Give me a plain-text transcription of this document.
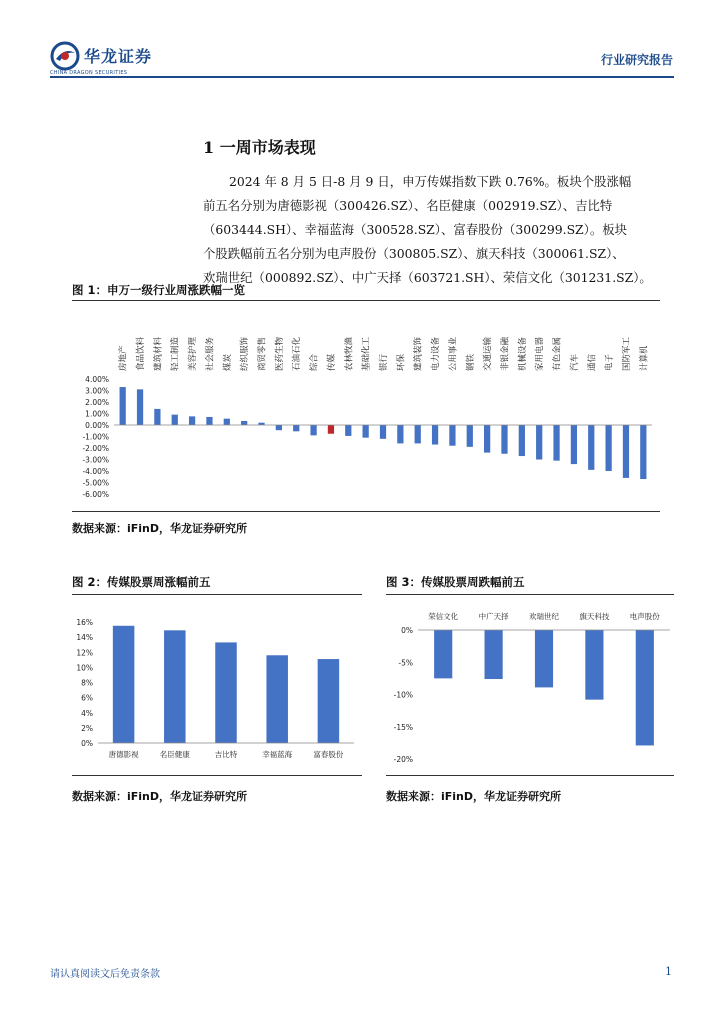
华龙证券
CHINA DRAGON SECURITIES
行业研究报告
1 一周市场表现
2024 年 8 月 5 日-8 月 9 日，申万传媒指数下跌 0.76%。板块个股涨幅
前五名分别为唐德影视（300426.SZ）、名臣健康（002919.SZ）、吉比特
（603444.SH）、幸福蓝海（300528.SZ）、富春股份（300299.SZ）。板块
个股跌幅前五名分别为电声股份（300805.SZ）、旗天科技（300061.SZ）、
欢瑞世纪（000892.SZ）、中广天择（603721.SH）、荣信文化（301231.SZ）。
图 1：申万一级行业周涨跌幅一览
4.00%
3.00%
2.00%
1.00%
0.00%
-1.00%
-2.00%
-3.00%
-4.00%
-5.00%
-6.00%
房地产 食品饮料 建筑材料 轻工制造 美容护理 社会服务 煤炭 纺织服饰 商贸零售 医药生物 石油石化 综合 传媒 农林牧渔 基础化工 银行 环保 建筑装饰 电力设备 公用事业 钢铁 交通运输 非银金融 机械设备 家用电器 有色金属 汽车 通信 电子 国防军工 计算机
数据来源：iFinD，华龙证券研究所
图 2：传媒股票周涨幅前五
16%
14%
12%
10%
8%
6%
4%
2%
0%
唐德影视	名臣健康	吉比特	幸福蓝海	富春股份
数据来源：iFinD，华龙证券研究所
图 3：传媒股票周跌幅前五
0%
-5%
-10%
-15%
-20%
荣信文化	中广天择	欢瑞世纪	旗天科技	电声股份
数据来源：iFinD，华龙证券研究所
请认真阅读文后免责条款	1
